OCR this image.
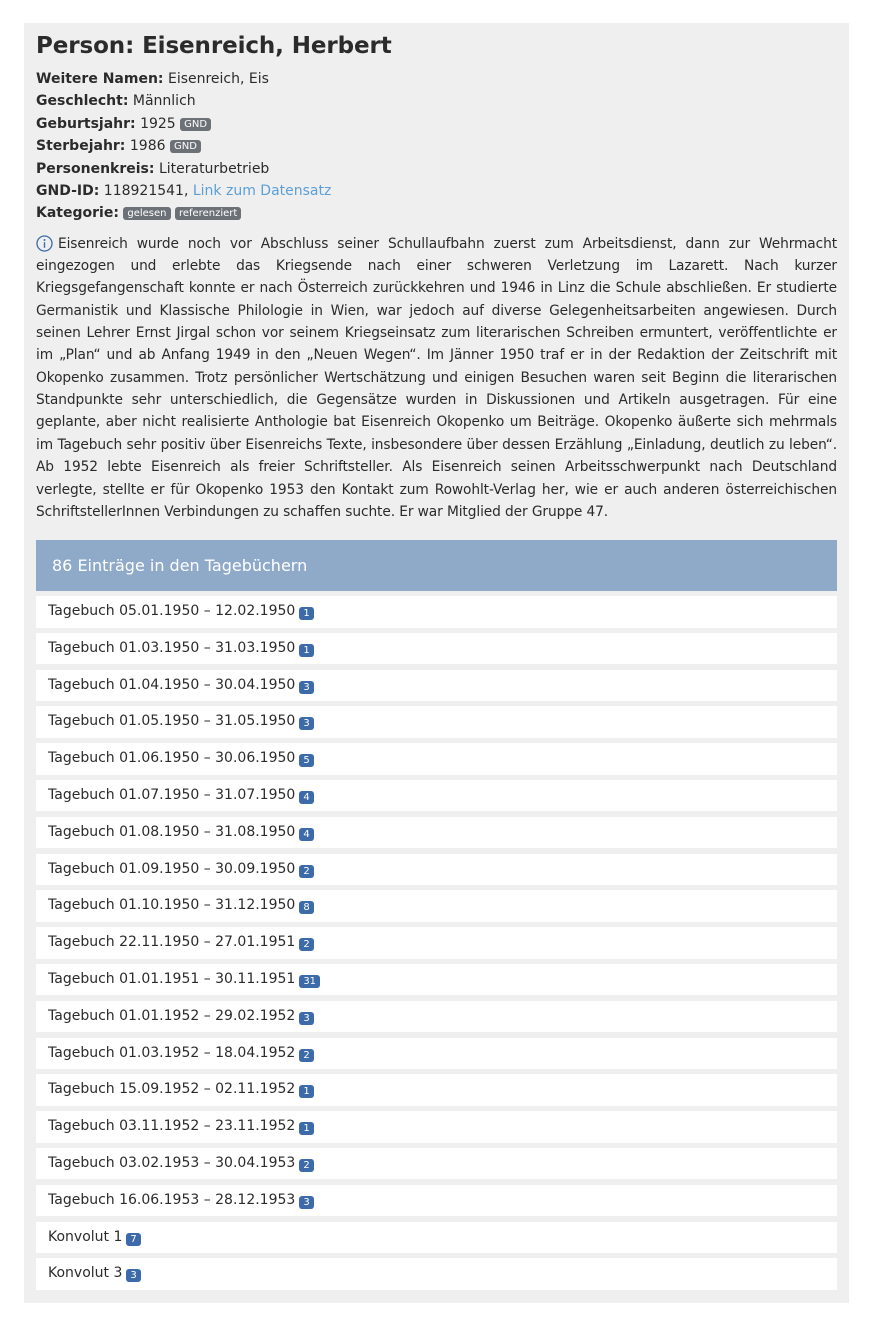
Person: Eisenreich, Herbert
Weitere Namen: Eisenreich, Eis
Geschlecht: Männlich
Geburtsjahr: 1925 GND
Sterbejahr: 1986 GND
Personenkreis: Literaturbetrieb
GND-ID: 118921541, Link zum Datensatz
Kategorie: gelesen referenziert

Eisenreich wurde noch vor Abschluss seiner Schullaufbahn zuerst zum Arbeitsdienst, dann zur Wehrmacht eingezogen und erlebte das Kriegsende nach einer schweren Verletzung im Lazarett. Nach kurzer Kriegsgefangenschaft konnte er nach Österreich zurückkehren und 1946 in Linz die Schule abschließen. Er studierte Germanistik und Klassische Philologie in Wien, war jedoch auf diverse Gelegenheitsarbeiten angewiesen. Durch seinen Lehrer Ernst Jirgal schon vor seinem Kriegseinsatz zum literarischen Schreiben ermuntert, veröffentlichte er im „Plan“ und ab Anfang 1949 in den „Neuen Wegen“. Im Jänner 1950 traf er in der Redaktion der Zeitschrift mit Okopenko zusammen. Trotz persönlicher Wertschätzung und einigen Besuchen waren seit Beginn die literarischen Standpunkte sehr unterschiedlich, die Gegensätze wurden in Diskussionen und Artikeln ausgetragen. Für eine geplante, aber nicht realisierte Anthologie bat Eisenreich Okopenko um Beiträge. Okopenko äußerte sich mehrmals im Tagebuch sehr positiv über Eisenreichs Texte, insbesondere über dessen Erzählung „Einladung, deutlich zu leben“. Ab 1952 lebte Eisenreich als freier Schriftsteller. Als Eisenreich seinen Arbeitsschwerpunkt nach Deutschland verlegte, stellte er für Okopenko 1953 den Kontakt zum Rowohlt-Verlag her, wie er auch anderen österreichischen SchriftstellerInnen Verbindungen zu schaffen suchte. Er war Mitglied der Gruppe 47.

86 Einträge in den Tagebüchern
Tagebuch 05.01.1950 – 12.02.1950 1
Tagebuch 01.03.1950 – 31.03.1950 1
Tagebuch 01.04.1950 – 30.04.1950 3
Tagebuch 01.05.1950 – 31.05.1950 3
Tagebuch 01.06.1950 – 30.06.1950 5
Tagebuch 01.07.1950 – 31.07.1950 4
Tagebuch 01.08.1950 – 31.08.1950 4
Tagebuch 01.09.1950 – 30.09.1950 2
Tagebuch 01.10.1950 – 31.12.1950 8
Tagebuch 22.11.1950 – 27.01.1951 2
Tagebuch 01.01.1951 – 30.11.1951 31
Tagebuch 01.01.1952 – 29.02.1952 3
Tagebuch 01.03.1952 – 18.04.1952 2
Tagebuch 15.09.1952 – 02.11.1952 1
Tagebuch 03.11.1952 – 23.11.1952 1
Tagebuch 03.02.1953 – 30.04.1953 2
Tagebuch 16.06.1953 – 28.12.1953 3
Konvolut 1 7
Konvolut 3 3
